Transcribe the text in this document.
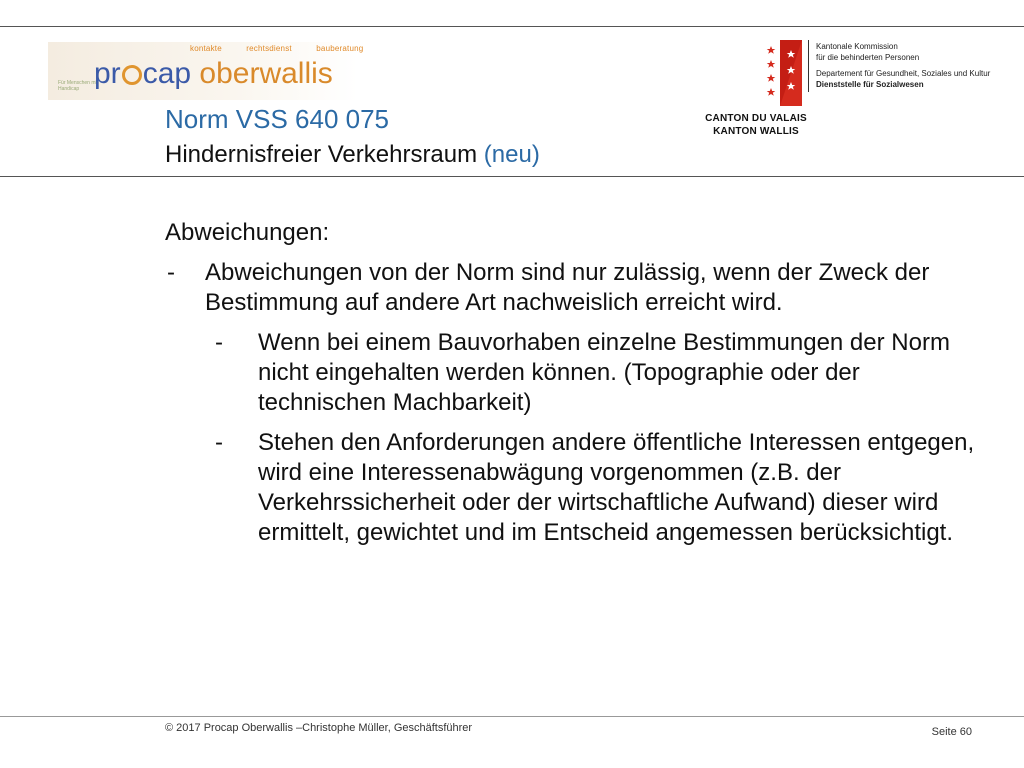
kontakte	rechtsdienst	bauberatung
Für Menschen mit Handicap pr cap oberwallis
Norm VSS 640 075
Hindernisfreier Verkehrsraum (neu)
Kantonale Kommission
für die behinderten Personen
Departement für Gesundheit, Soziales und Kultur
Dienststelle für Sozialwesen
CANTON DU VALAIS
KANTON WALLIS
Abweichungen:
- Abweichungen von der Norm sind nur zulässig, wenn der Zweck der Bestimmung auf andere Art nachweislich erreicht wird.
- Wenn bei einem Bauvorhaben einzelne Bestimmungen der Norm nicht eingehalten werden können. (Topographie oder der technischen Machbarkeit)
- Stehen den Anforderungen andere öffentliche Interessen entgegen, wird eine Interessenabwägung vorgenommen (z.B. der Verkehrssicherheit oder der wirtschaftliche Aufwand) dieser wird ermittelt, gewichtet und im Entscheid angemessen berücksichtigt.
© 2017 Procap Oberwallis –Christophe Müller, Geschäftsführer	Seite 60
